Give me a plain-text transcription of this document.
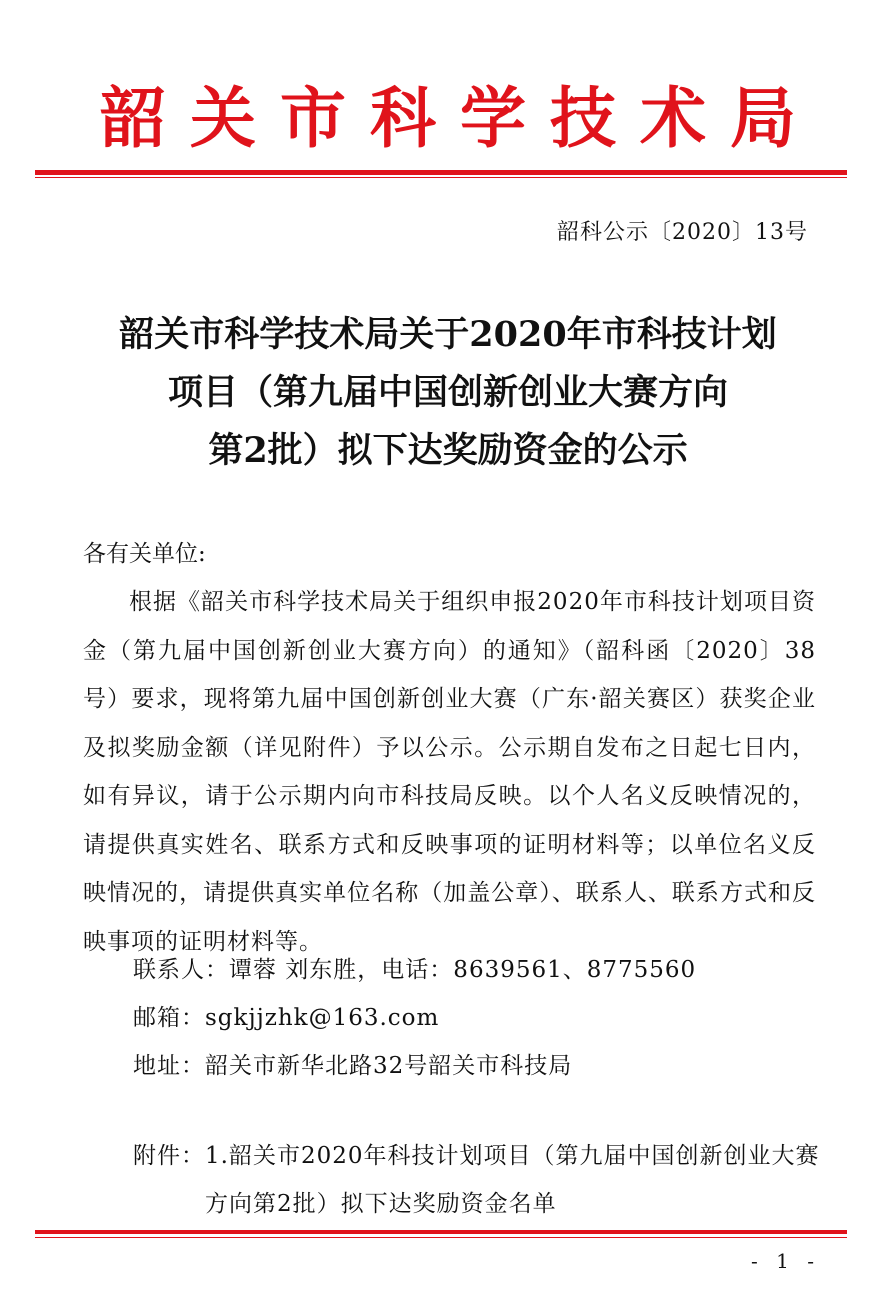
韶关市科学技术局
韶科公示〔2020〕13号
韶关市科学技术局关于2020年市科技计划
项目（第九届中国创新创业大赛方向
第2批）拟下达奖励资金的公示
各有关单位:
根据《韶关市科学技术局关于组织申报2020年市科技计划项目资金（第九届中国创新创业大赛方向）的通知》（韶科函〔2020〕38号）要求，现将第九届中国创新创业大赛（广东·韶关赛区）获奖企业及拟奖励金额（详见附件）予以公示。公示期自发布之日起七日内，如有异议，请于公示期内向市科技局反映。以个人名义反映情况的，请提供真实姓名、联系方式和反映事项的证明材料等；以单位名义反映情况的，请提供真实单位名称（加盖公章）、联系人、联系方式和反映事项的证明材料等。
联系人：谭蓉 刘东胜，电话：8639561、8775560
邮箱：sgkjjzhk@163.com
地址：韶关市新华北路32号韶关市科技局
附件： 1.韶关市2020年科技计划项目（第九届中国创新创业大赛方向第2批）拟下达奖励资金名单
- 1 -
